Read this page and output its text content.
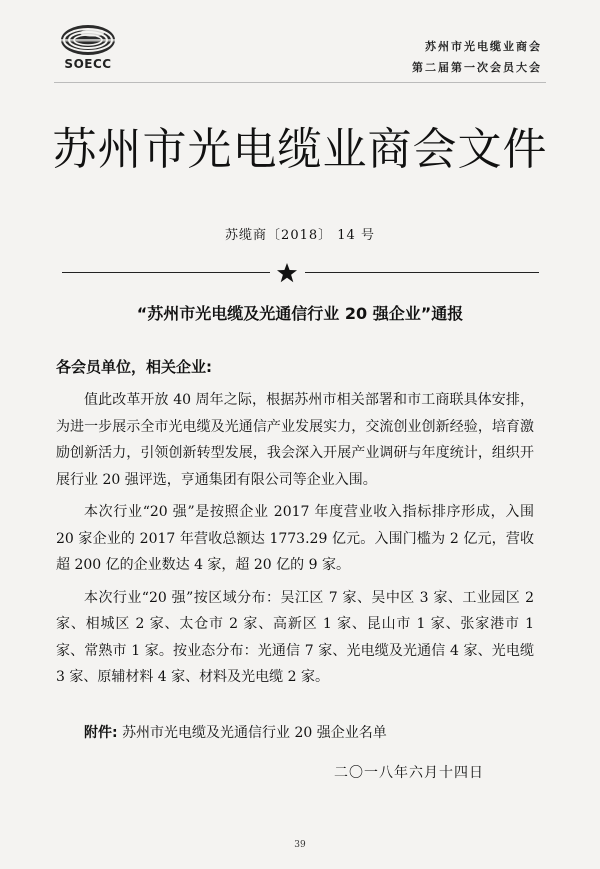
SOECC
苏州市光电缆业商会
第二届第一次会员大会
苏州市光电缆业商会文件
苏缆商〔2018〕 14 号
“苏州市光电缆及光通信行业 20 强企业”通报
各会员单位，相关企业:

值此改革开放 40 周年之际，根据苏州市相关部署和市工商联具体安排，为进一步展示全市光电缆及光通信产业发展实力，交流创业创新经验，培育激励创新活力，引领创新转型发展，我会深入开展产业调研与年度统计，组织开展行业 20 强评选，亨通集团有限公司等企业入围。

本次行业“20 强”是按照企业 2017 年度营业收入指标排序形成，入围 20 家企业的 2017 年营收总额达 1773.29 亿元。入围门槛为 2 亿元，营收超 200 亿的企业数达 4 家，超 20 亿的 9 家。

本次行业“20 强”按区域分布：吴江区 7 家、吴中区 3 家、工业园区 2 家、相城区 2 家、太仓市 2 家、高新区 1 家、昆山市 1 家、张家港市 1 家、常熟市 1 家。按业态分布：光通信 7 家、光电缆及光通信 4 家、光电缆 3 家、原辅材料 4 家、材料及光电缆 2 家。

附件: 苏州市光电缆及光通信行业 20 强企业名单
二〇一八年六月十四日
39
